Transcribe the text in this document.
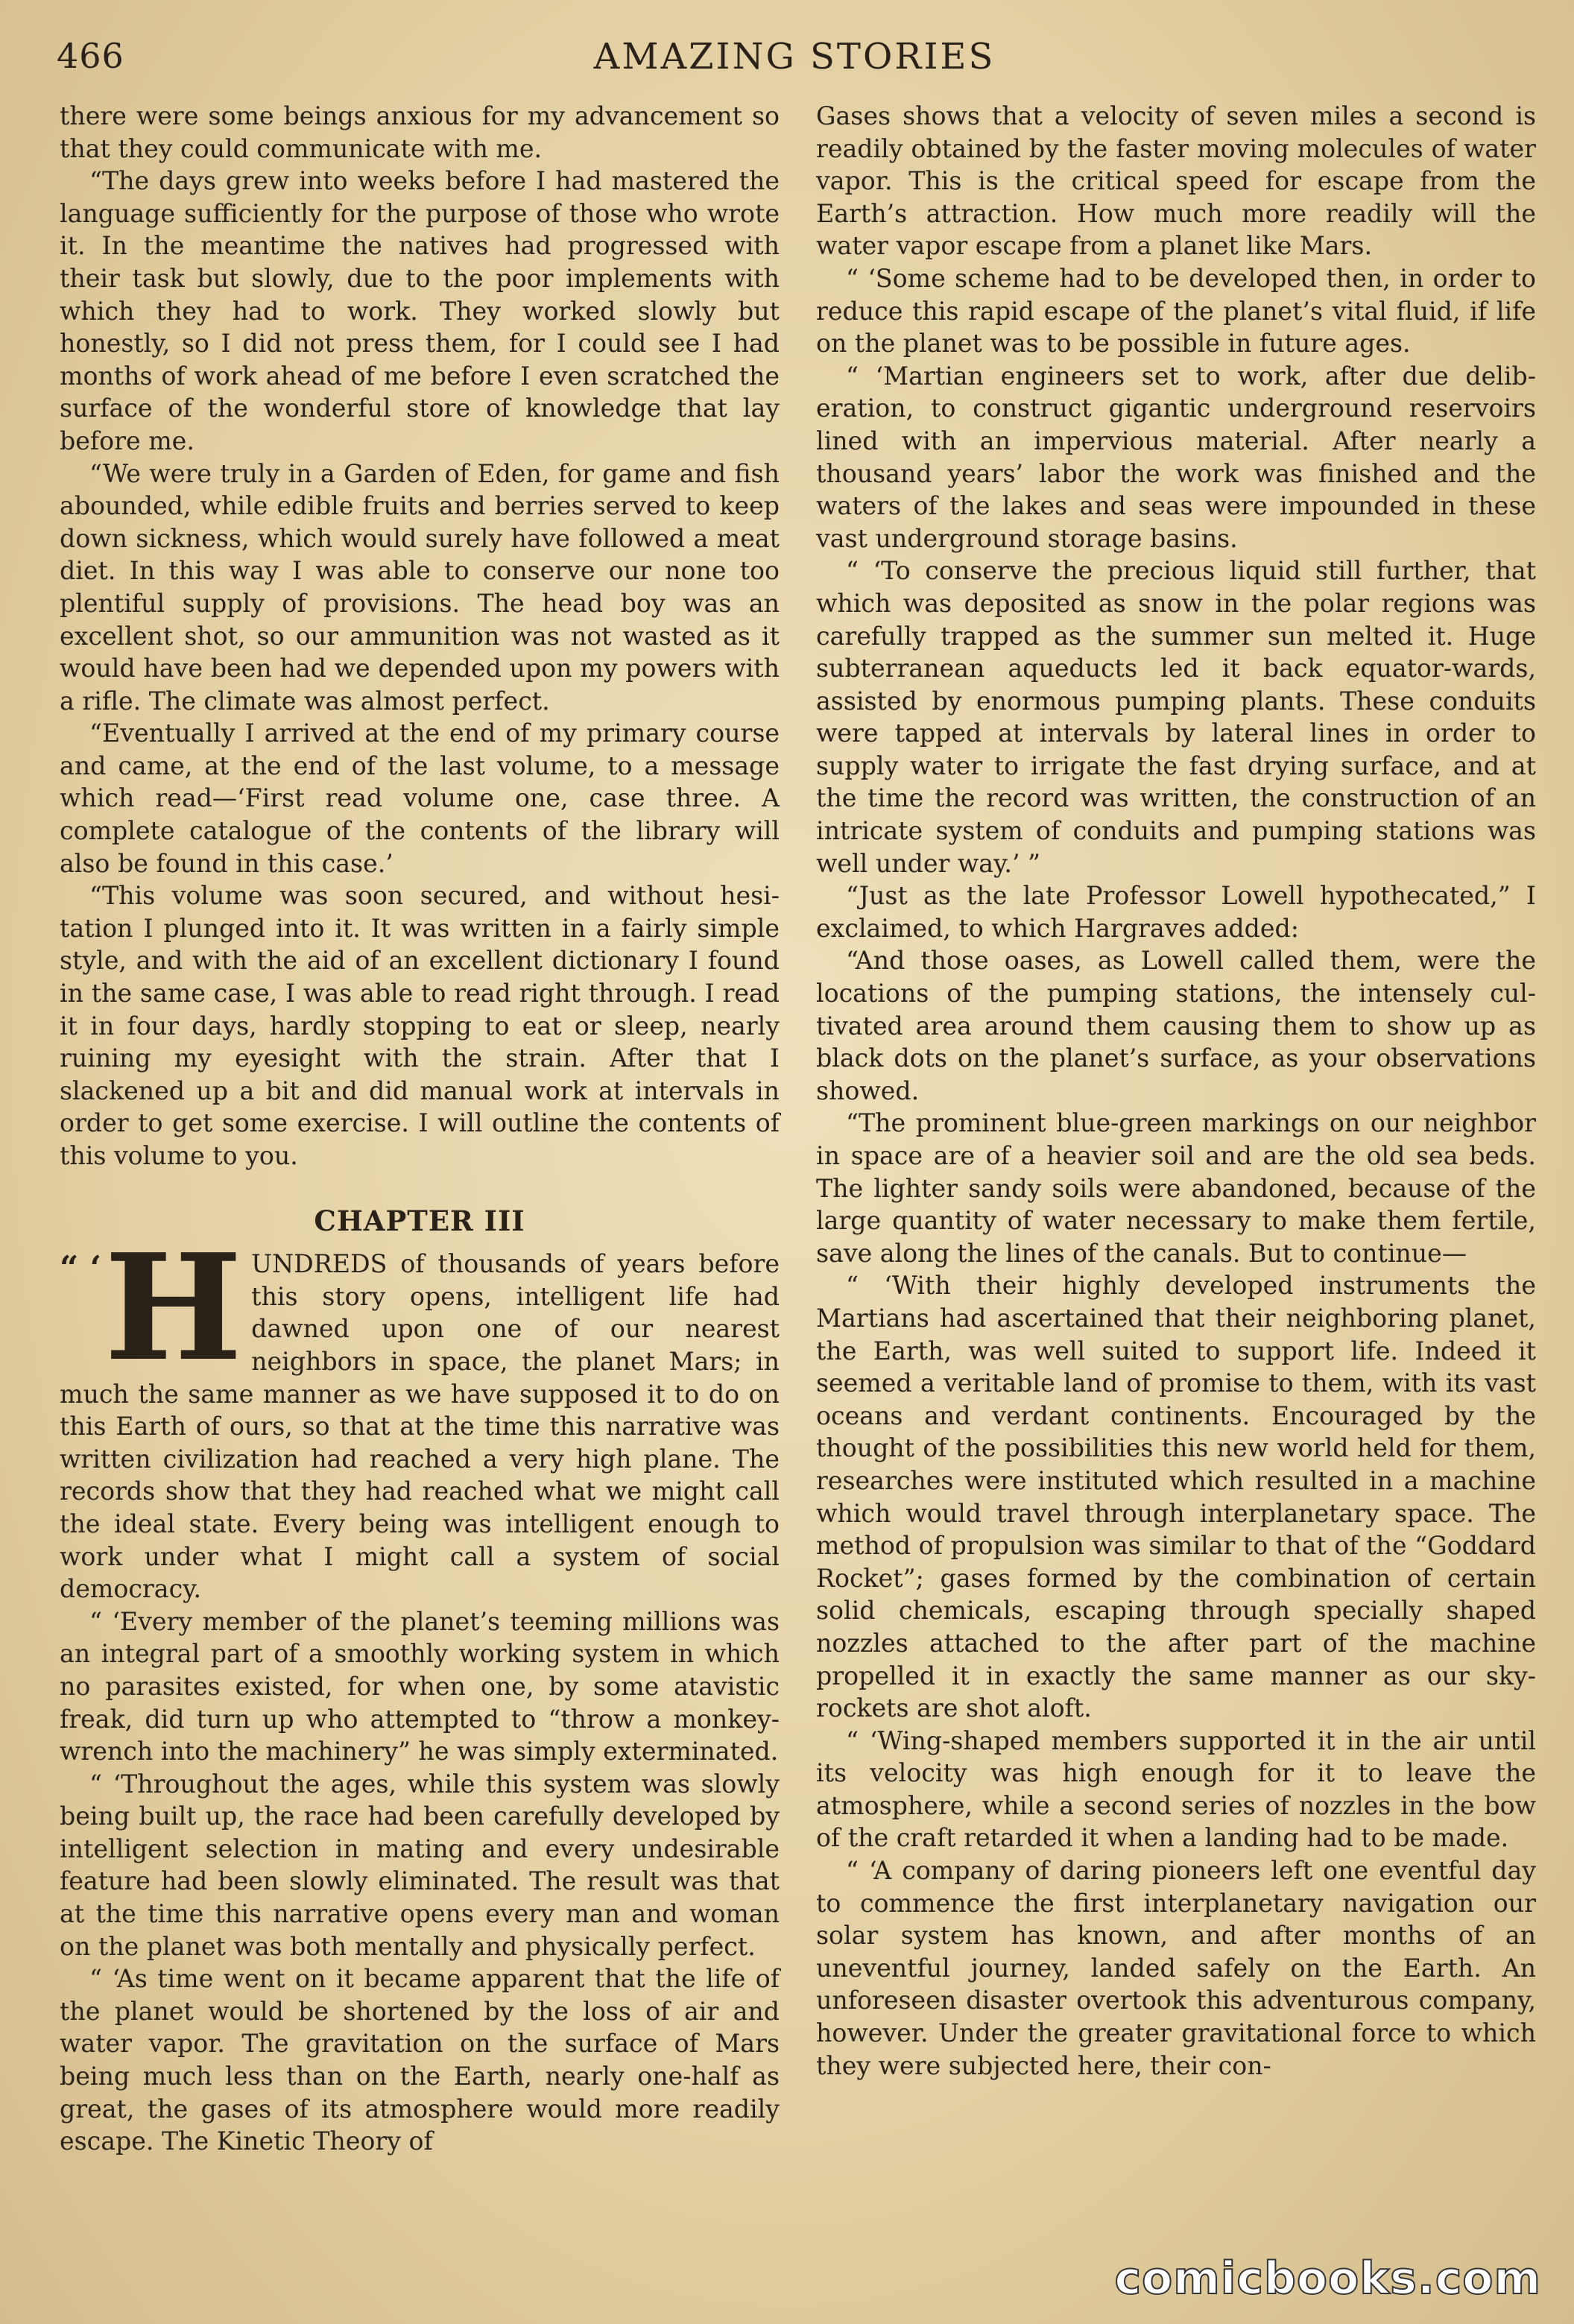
466	AMAZING STORIES

there were some beings anxious for my advancement so that they could communicate with me.

“The days grew into weeks before I had mastered the language sufficiently for the purpose of those who wrote it. In the meantime the natives had progressed with their task but slowly, due to the poor implements with which they had to work. They worked slowly but honestly, so I did not press them, for I could see I had months of work ahead of me before I even scratched the surface of the wonderful store of knowledge that lay before me.

“We were truly in a Garden of Eden, for game and fish abounded, while edible fruits and berries served to keep down sickness, which would surely have followed a meat diet. In this way I was able to conserve our none too plentiful supply of provisions. The head boy was an excellent shot, so our ammunition was not wasted as it would have been had we depended upon my powers with a rifle. The climate was almost perfect.

“Eventually I arrived at the end of my primary course and came, at the end of the last volume, to a message which read—‘First read volume one, case three. A complete catalogue of the contents of the library will also be found in this case.’

“This volume was soon secured, and without hesitation I plunged into it. It was written in a fairly simple style, and with the aid of an excellent dictionary I found in the same case, I was able to read right through. I read it in four days, hardly stopping to eat or sleep, nearly ruining my eyesight with the strain. After that I slackened up a bit and did manual work at intervals in order to get some exercise. I will outline the contents of this volume to you.

CHAPTER III

“ ‘ H UNDREDS of thousands of years before this story opens, intelligent life had dawned upon one of our nearest neighbors in space, the planet Mars; in much the same manner as we have supposed it to do on this Earth of ours, so that at the time this narrative was written civilization had reached a very high plane. The records show that they had reached what we might call the ideal state. Every being was intelligent enough to work under what I might call a system of social democracy.

“ ‘Every member of the planet’s teeming millions was an integral part of a smoothly working system in which no parasites existed, for when one, by some atavistic freak, did turn up who attempted to “throw a monkey-wrench into the machinery” he was simply exterminated.

“ ‘Throughout the ages, while this system was slowly being built up, the race had been carefully developed by intelligent selection in mating and every undesirable feature had been slowly eliminated. The result was that at the time this narrative opens every man and woman on the planet was both mentally and physically perfect.

“ ‘As time went on it became apparent that the life of the planet would be shortened by the loss of air and water vapor. The gravitation on the surface of Mars being much less than on the Earth, nearly one-half as great, the gases of its atmosphere would more readily escape. The Kinetic Theory of

Gases shows that a velocity of seven miles a second is readily obtained by the faster moving molecules of water vapor. This is the critical speed for escape from the Earth’s attraction. How much more readily will the water vapor escape from a planet like Mars.

“ ‘Some scheme had to be developed then, in order to reduce this rapid escape of the planet’s vital fluid, if life on the planet was to be possible in future ages.

“ ‘Martian engineers set to work, after due deliberation, to construct gigantic underground reservoirs lined with an impervious material. After nearly a thousand years’ labor the work was finished and the waters of the lakes and seas were impounded in these vast underground storage basins.

“ ‘To conserve the precious liquid still further, that which was deposited as snow in the polar regions was carefully trapped as the summer sun melted it. Huge subterranean aqueducts led it back equator-wards, assisted by enormous pumping plants. These conduits were tapped at intervals by lateral lines in order to supply water to irrigate the fast drying surface, and at the time the record was written, the construction of an intricate system of conduits and pumping stations was well under way.’ ”

“Just as the late Professor Lowell hypothecated,” I exclaimed, to which Hargraves added:

“And those oases, as Lowell called them, were the locations of the pumping stations, the intensely cultivated area around them causing them to show up as black dots on the planet’s surface, as your observations showed.

“The prominent blue-green markings on our neighbor in space are of a heavier soil and are the old sea beds. The lighter sandy soils were abandoned, because of the large quantity of water necessary to make them fertile, save along the lines of the canals. But to continue—

“ ‘With their highly developed instruments the Martians had ascertained that their neighboring planet, the Earth, was well suited to support life. Indeed it seemed a veritable land of promise to them, with its vast oceans and verdant continents. Encouraged by the thought of the possibilities this new world held for them, researches were instituted which resulted in a machine which would travel through interplanetary space. The method of propulsion was similar to that of the “Goddard Rocket”; gases formed by the combination of certain solid chemicals, escaping through specially shaped nozzles attached to the after part of the machine propelled it in exactly the same manner as our skyrockets are shot aloft.

“ ‘Wing-shaped members supported it in the air until its velocity was high enough for it to leave the atmosphere, while a second series of nozzles in the bow of the craft retarded it when a landing had to be made.

“ ‘A company of daring pioneers left one eventful day to commence the first interplanetary navigation our solar system has known, and after months of an uneventful journey, landed safely on the Earth. An unforeseen disaster overtook this adventurous company, however. Under the greater gravitational force to which they were subjected here, their con-

comicbooks.com
